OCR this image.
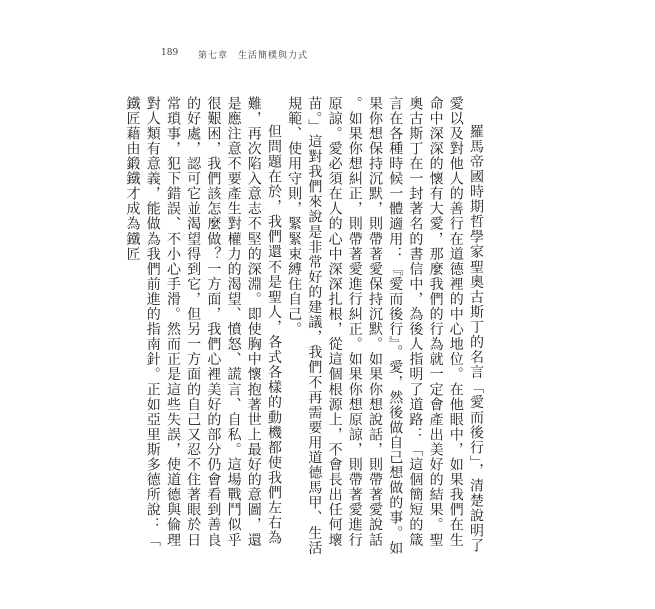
189 第七章　生活簡樸與力式

羅馬帝國時期哲學家聖奧古斯丁的名言「愛而後行」，清楚說明了愛以及對他人的善行在道德裡的中心地位。在他眼中，如果我們在生命中深深的懷有大愛，那麼我們的行為就一定會產出美好的結果。聖奧古斯丁在一封著名的書信中，為後人指明了道路：「這個簡短的箴言在各種時候一體適用：『愛而後行』。愛，然後做自己想做的事。如果你想保持沉默，則帶著愛保持沉默。如果你想說話，則帶著愛說話。如果你想糾正，則帶著愛進行糾正。如果你想原諒，則帶著愛進行原諒。愛必須在人的心中深深扎根，從這個根源上，不會長出任何壞苗。」這對我們來說是非常好的建議，我們不再需要用道德馬甲、生活規範、使用守則，緊緊束縛住自己。

但問題在於，我們還不是聖人，各式各樣的動機都使我們左右為難，再次陷入意志不堅的深淵。即使胸中懷抱著世上最好的意圖，還是應注意不要產生對權力的渴望、憤怒、謊言、自私。這場戰鬥似乎很艱困，我們該怎麼做？一方面，我們心裡美好的部分仍會看到善良的好處，認可它並渴望得到它，但另一方面的自己又忍不住著眼於日常瑣事，犯下錯誤、不小心手滑。然而正是這些失誤，使道德與倫理對人類有意義，能做為我們前進的指南針。正如亞里斯多德所說：「鐵匠藉由鍛鐵才成為鐵匠
